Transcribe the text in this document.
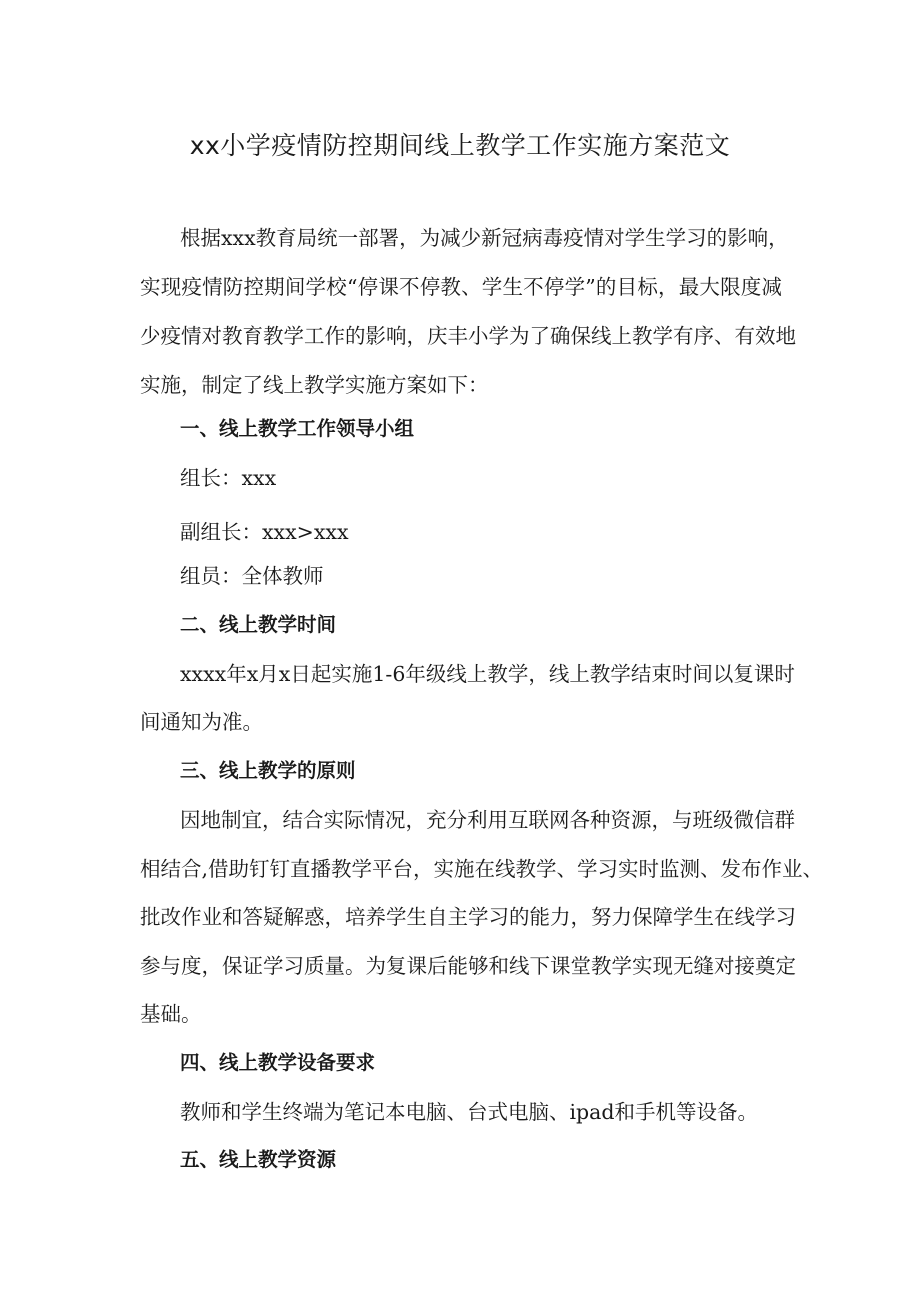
xx小学疫情防控期间线上教学工作实施方案范文
根据xxx教育局统一部署，为减少新冠病毒疫情对学生学习的影响，
实现疫情防控期间学校“停课不停教、学生不停学”的目标，最大限度减
少疫情对教育教学工作的影响，庆丰小学为了确保线上教学有序、有效地
实施，制定了线上教学实施方案如下：
一、线上教学工作领导小组
组长：xxx
副组长：xxx>xxx
组员：全体教师
二、线上教学时间
xxxx年x月x日起实施1-6年级线上教学，线上教学结束时间以复课时
间通知为准。
三、线上教学的原则
因地制宜，结合实际情况，充分利用互联网各种资源，与班级微信群
相结合,借助钉钉直播教学平台，实施在线教学、学习实时监测、发布作业、
批改作业和答疑解惑，培养学生自主学习的能力，努力保障学生在线学习
参与度，保证学习质量。为复课后能够和线下课堂教学实现无缝对接奠定
基础。
四、线上教学设备要求
教师和学生终端为笔记本电脑、台式电脑、ipad和手机等设备。
五、线上教学资源
